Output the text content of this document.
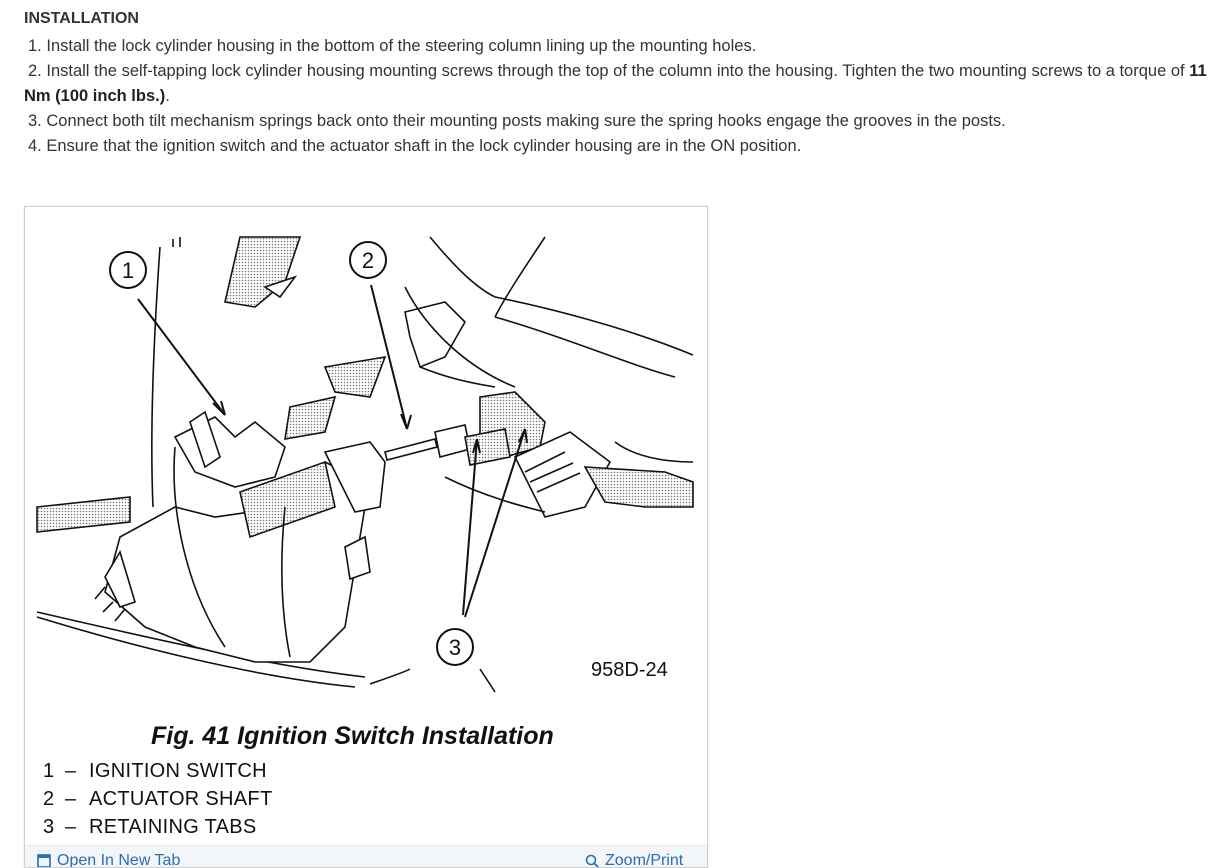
INSTALLATION
1. Install the lock cylinder housing in the bottom of the steering column lining up the mounting holes.
2. Install the self-tapping lock cylinder housing mounting screws through the top of the column into the housing. Tighten the two mounting screws to a torque of 11 Nm (100 inch lbs.).
3. Connect both tilt mechanism springs back onto their mounting posts making sure the spring hooks engage the grooves in the posts.
4. Ensure that the ignition switch and the actuator shaft in the lock cylinder housing are in the ON position.
1	2
3
958D-24
Fig. 41 Ignition Switch Installation
1 – IGNITION SWITCH
2 – ACTUATOR SHAFT
3 – RETAINING TABS
Open In New Tab	Zoom/Print
